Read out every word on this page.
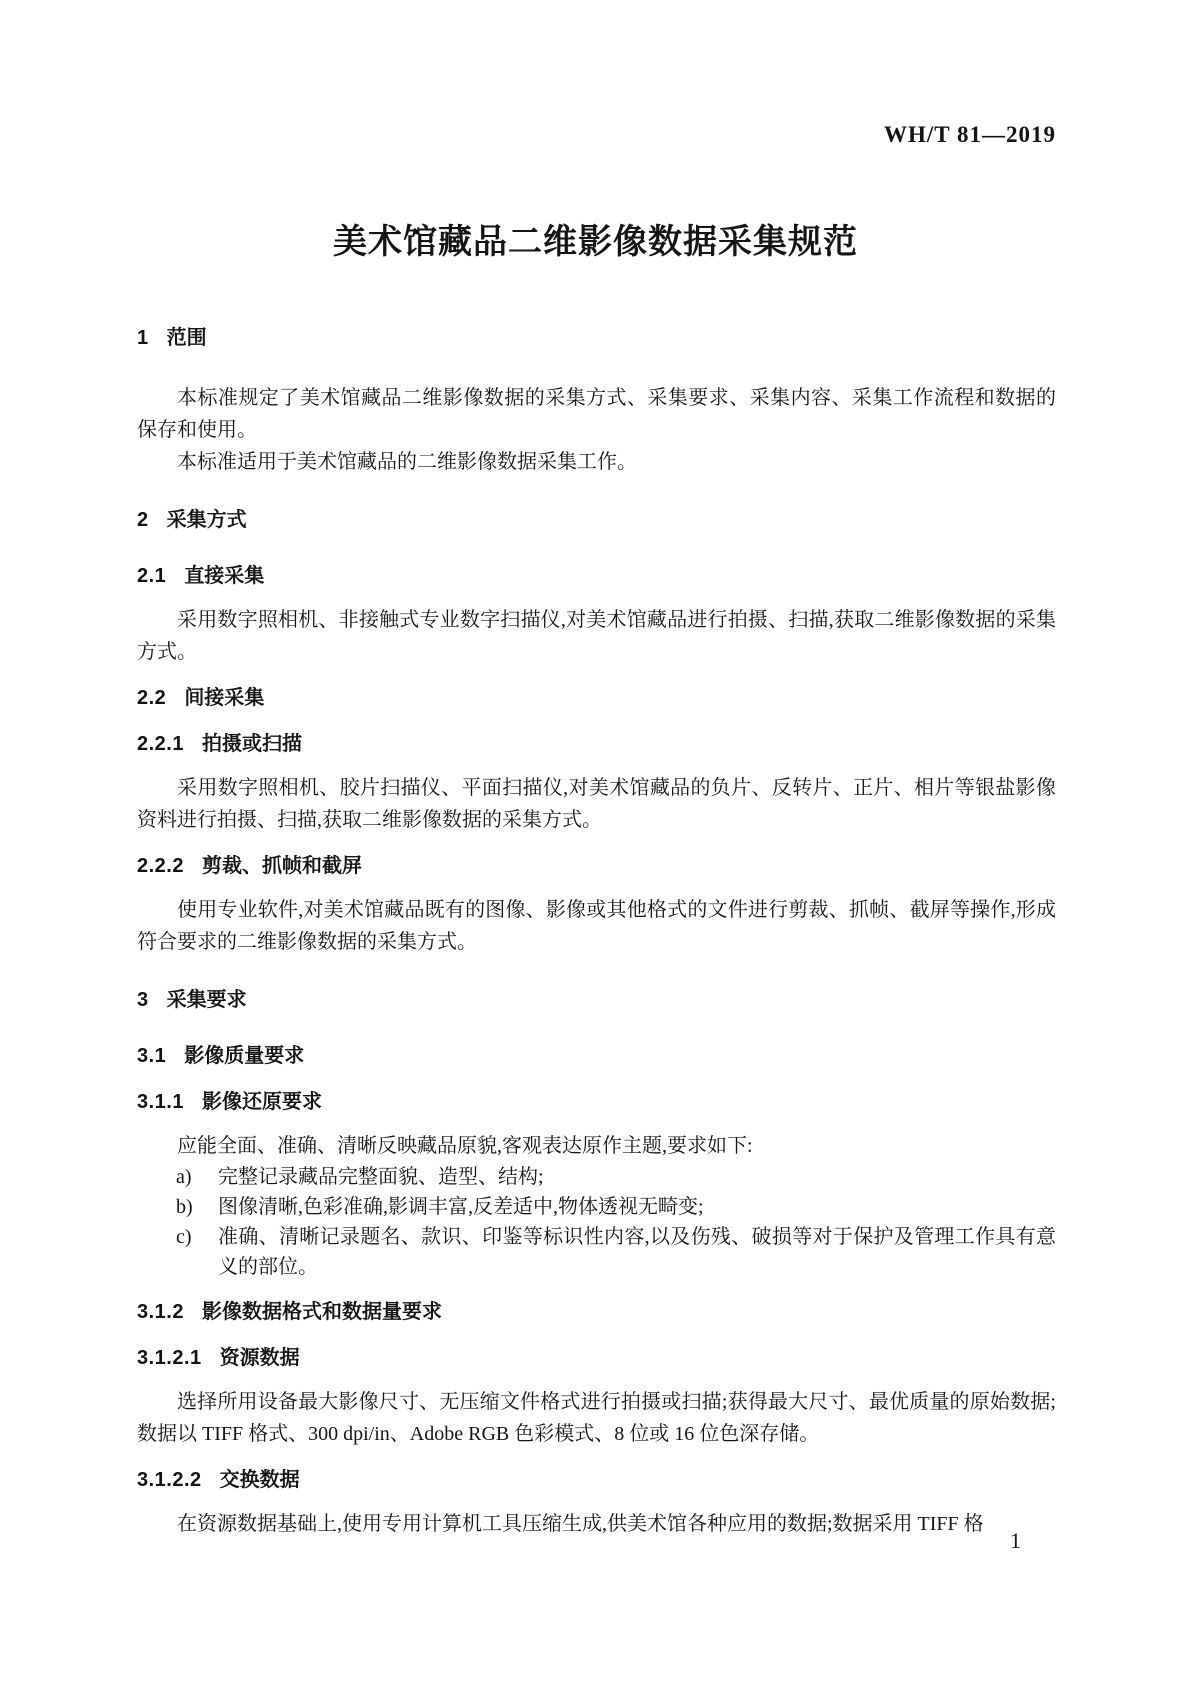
WH/T 81—2019
美术馆藏品二维影像数据采集规范
1 范围

本标准规定了美术馆藏品二维影像数据的采集方式、采集要求、采集内容、采集工作流程和数据的保存和使用。

本标准适用于美术馆藏品的二维影像数据采集工作。

2 采集方式
2.1 直接采集

采用数字照相机、非接触式专业数字扫描仪,对美术馆藏品进行拍摄、扫描,获取二维影像数据的采集方式。

2.2 间接采集
2.2.1 拍摄或扫描

采用数字照相机、胶片扫描仪、平面扫描仪,对美术馆藏品的负片、反转片、正片、相片等银盐影像资料进行拍摄、扫描,获取二维影像数据的采集方式。

2.2.2 剪裁、抓帧和截屏

使用专业软件,对美术馆藏品既有的图像、影像或其他格式的文件进行剪裁、抓帧、截屏等操作,形成符合要求的二维影像数据的采集方式。

3 采集要求
3.1 影像质量要求
3.1.1 影像还原要求

应能全面、准确、清晰反映藏品原貌,客观表达原作主题,要求如下:

a) 完整记录藏品完整面貌、造型、结构;
b) 图像清晰,色彩准确,影调丰富,反差适中,物体透视无畸变;
c) 准确、清晰记录题名、款识、印鉴等标识性内容,以及伤残、破损等对于保护及管理工作具有意义的部位。
3.1.2 影像数据格式和数据量要求
3.1.2.1 资源数据

选择所用设备最大影像尺寸、无压缩文件格式进行拍摄或扫描;获得最大尺寸、最优质量的原始数据;数据以 TIFF 格式、300 dpi/in、Adobe RGB 色彩模式、8 位或 16 位色深存储。

3.1.2.2 交换数据

在资源数据基础上,使用专用计算机工具压缩生成,供美术馆各种应用的数据;数据采用 TIFF 格

1
